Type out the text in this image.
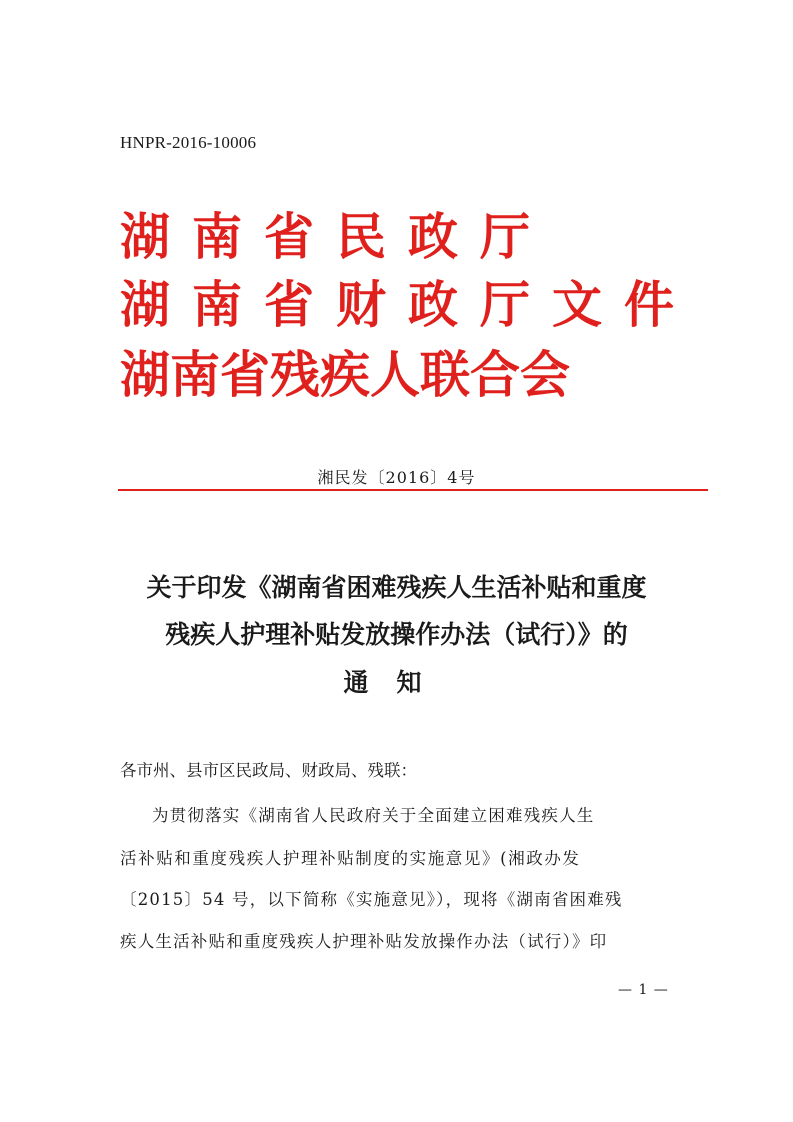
HNPR-2016-10006
湖南省民政厅
湖南省财政厅文件
湖南省残疾人联合会
湘民发〔2016〕4号
关于印发《湖南省困难残疾人生活补贴和重度
残疾人护理补贴发放操作办法（试行）》的
通知
各市州、县市区民政局、财政局、残联：
为贯彻落实《湖南省人民政府关于全面建立困难残疾人生
活补贴和重度残疾人护理补贴制度的实施意见》(湘政办发
〔2015〕54 号，以下简称《实施意见》），现将《湖南省困难残
疾人生活补贴和重度残疾人护理补贴发放操作办法（试行）》印
— 1 —
